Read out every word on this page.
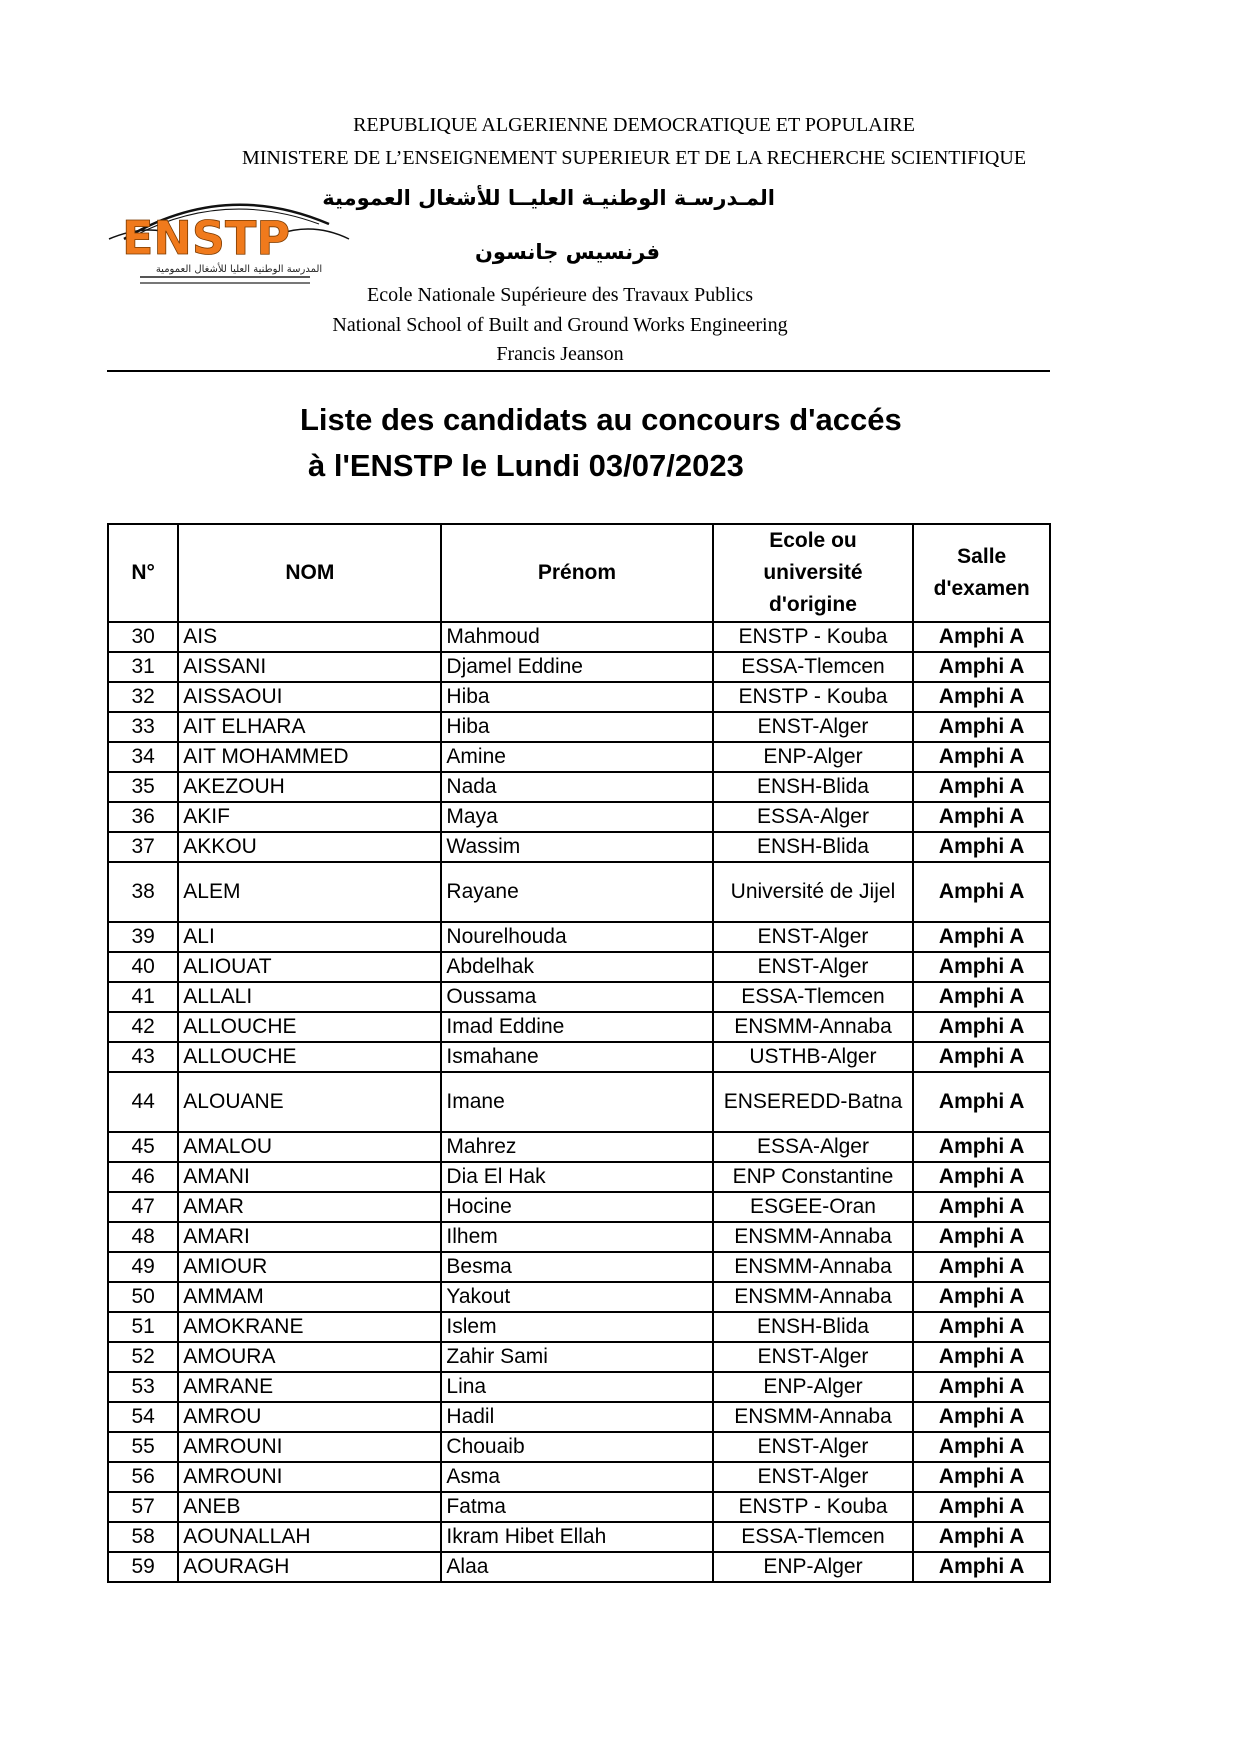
REPUBLIQUE ALGERIENNE DEMOCRATIQUE ET POPULAIRE
MINISTERE DE L’ENSEIGNEMENT SUPERIEUR ET DE LA RECHERCHE SCIENTIFIQUE
ENSTP
المدرسة الوطنية العليا للأشغال العمومية
المـدرسـة الوطنيـة العليــا للأشغال العمومية
فرنسيس جانسون
Ecole Nationale Supérieure des Travaux Publics
National School of Built and Ground Works Engineering
Francis Jeanson
Liste des candidats au concours d'accés
à l'ENSTP le Lundi 03/07/2023
N°	NOM	Prénom	Ecole ou université d'origine	Salle d'examen
30	AIS	Mahmoud	ENSTP - Kouba	Amphi A
31	AISSANI	Djamel Eddine	ESSA-Tlemcen	Amphi A
32	AISSAOUI	Hiba	ENSTP - Kouba	Amphi A
33	AIT ELHARA	Hiba	ENST-Alger	Amphi A
34	AIT MOHAMMED	Amine	ENP-Alger	Amphi A
35	AKEZOUH	Nada	ENSH-Blida	Amphi A
36	AKIF	Maya	ESSA-Alger	Amphi A
37	AKKOU	Wassim	ENSH-Blida	Amphi A
38	ALEM	Rayane	Université de Jijel	Amphi A
39	ALI	Nourelhouda	ENST-Alger	Amphi A
40	ALIOUAT	Abdelhak	ENST-Alger	Amphi A
41	ALLALI	Oussama	ESSA-Tlemcen	Amphi A
42	ALLOUCHE	Imad Eddine	ENSMM-Annaba	Amphi A
43	ALLOUCHE	Ismahane	USTHB-Alger	Amphi A
44	ALOUANE	Imane	ENSEREDD-Batna	Amphi A
45	AMALOU	Mahrez	ESSA-Alger	Amphi A
46	AMANI	Dia El Hak	ENP Constantine	Amphi A
47	AMAR	Hocine	ESGEE-Oran	Amphi A
48	AMARI	Ilhem	ENSMM-Annaba	Amphi A
49	AMIOUR	Besma	ENSMM-Annaba	Amphi A
50	AMMAM	Yakout	ENSMM-Annaba	Amphi A
51	AMOKRANE	Islem	ENSH-Blida	Amphi A
52	AMOURA	Zahir Sami	ENST-Alger	Amphi A
53	AMRANE	Lina	ENP-Alger	Amphi A
54	AMROU	Hadil	ENSMM-Annaba	Amphi A
55	AMROUNI	Chouaib	ENST-Alger	Amphi A
56	AMROUNI	Asma	ENST-Alger	Amphi A
57	ANEB	Fatma	ENSTP - Kouba	Amphi A
58	AOUNALLAH	Ikram Hibet Ellah	ESSA-Tlemcen	Amphi A
59	AOURAGH	Alaa	ENP-Alger	Amphi A
